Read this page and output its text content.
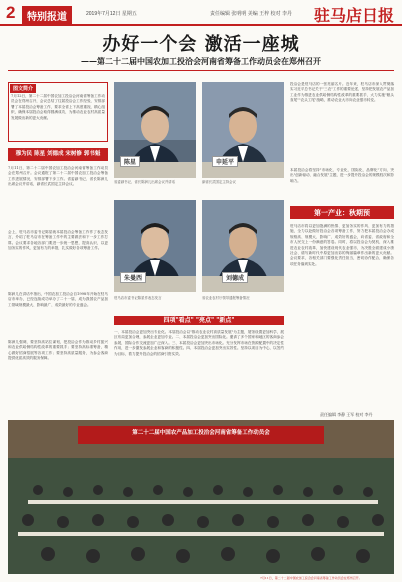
2	特别报道	2019年7月12日 星期五	责任编辑 张明明 美编 王梓 校对 李丹 驻马店日报
办好一个会 激活一座城
——第二十二届中国农加工投洽会河南省筹备工作动员会在郑州召开
图文简介
7月12日，第二十二届中国农加工投洽会河南省筹备工作动员会在郑州召开，会议总结了往届投洽会工作经验，安排部署了本届投洽会筹备工作，要求全省上下高度重视，精心组织，确保本届投洽会取得圆满成功，为推动农业农村高质量发展做出新的更大贡献。
穆为民 陈星 刘德成 宋树修 郭书魁
7月11日，第二十二届中国农加工投洽会河南省筹备工作动员会在郑州召开。会议通报了第二十二届中国农加工投洽会筹备工作进展情况，安排部署下步工作。省委副书记、省长陈润儿出席会议并讲话，副省长武国定主持会议。
会上，驻马店市委书记陈星就本届投洽会筹备工作作了表态发言，介绍了驻马店市在筹备工作中的主要做法和下一步工作打算。会议要求各地各部门要进一步统一思想，提高认识，以更加务实的作风，更加有力的举措，扎实做好各项筹备工作。
陈润儿在讲话中指出，中国农加工投洽会自1998年开始在驻马店市举办，已经连续成功举办了二十一届，成为我国农产品加工领域规模最大、影响最广、成效最好的专业盛会。
陈润儿强调，要坚持高站位谋划，把投洽会作为推动乡村振兴和农业供给侧结构性改革的重要抓手；要坚持高标准筹备，精心做好招商招展等各项工作；要坚持高质量服务，为参会客商提供优质高效的服务保障。
陈星
省委副书记、省长陈润儿出席会议并讲话
申延平
副省长武国定主持会议
朱曼西
驻马店市委书记陈星作表态发言
刘德成
省农业农村厅领导通报筹备情况
投洽会是驻马店的一张亮丽名片。近年来，驻马店市深入贯彻落实习近平总书记关于"三农"工作的重要论述，坚持把发展农产品加工业作为推进农业供给侧结构性改革的重要抓手，大力实施"粮头食尾""农头工尾"战略，推动农业大市向农业强市转变。
本届投洽会将坚持"市场化、专业化、国际化、品牌化"方向，突出"创新驱动、融合发展"主题，进一步提升投洽会的规模档次和影响力。
第一产业：秋期预
驻马店市将以更加饱满的热情、更加务实的作风、更加有力的措施，全力以赴做好投洽会各项筹备工作，努力把本届投洽会办成规格高、规模大、影响广、成效好的盛会，向省委、省政府和全市人民交上一份满意的答卷。同时，将以投洽会为契机，深入推进农业农村改革，加快建设现代农业强市，为决胜全面建成小康社会、谱写新时代中原更加出彩的绚丽篇章作出新的更大贡献。会议要求，各相关部门要强化责任担当，密切协作配合，确保各项任务落到实处。
责任编辑 李静 王军 校对 李丹
四项"看点" "亮点" "新点"
一、本届投洽会更加突出专业化。本届投洽会以"推动农业农村高质量发展"为主题，展馆设置更加科学，展区布局更加合理，参展企业更加专业。二、本届投洽会更加突出国际化。邀请了多个国家和地区的客商参会参展，国际合作交流更加广泛深入。三、本届投洽会更加突出市场化。充分发挥市场在资源配置中的决定性作用，进一步激发参展企业和客商的积极性。四、本届投洽会更加突出实效性。坚持以项目为中心，以签约为目标，着力提升投洽会的招商引资实效。
第二十二届中国农产品加工投洽会河南省筹备工作动员会
7月11日，第二十二届中国农加工投洽会河南省筹备工作动员会在郑州召开。
